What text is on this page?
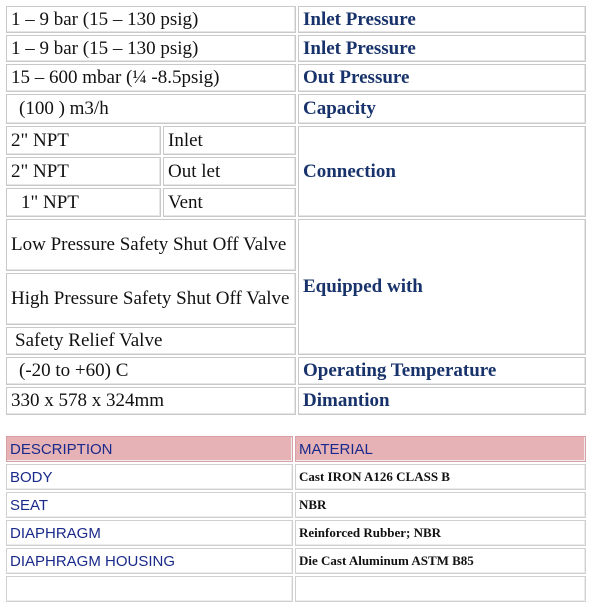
1 – 9 bar (15 – 130 psig)		Inlet Pressure
1 – 9 bar (15 – 130 psig)		Inlet Pressure
15 – 600 mbar (¼ -8.5psig)		Out Pressure
(100 ) m3/h		Capacity
2" NPT	Inlet	Connection
2" NPT	Out let	
1" NPT	Vent	
Low Pressure Safety Shut Off Valve		Equipped with
High Pressure Safety Shut Off Valve		
Safety Relief Valve		
(-20 to +60) C		Operating Temperature
330 x 578 x 324mm		Dimantion
DESCRIPTION	MATERIAL
BODY	Cast IRON A126 CLASS B
SEAT	NBR
DIAPHRAGM	Reinforced Rubber; NBR
DIAPHRAGM HOUSING	Die Cast Aluminum ASTM B85
